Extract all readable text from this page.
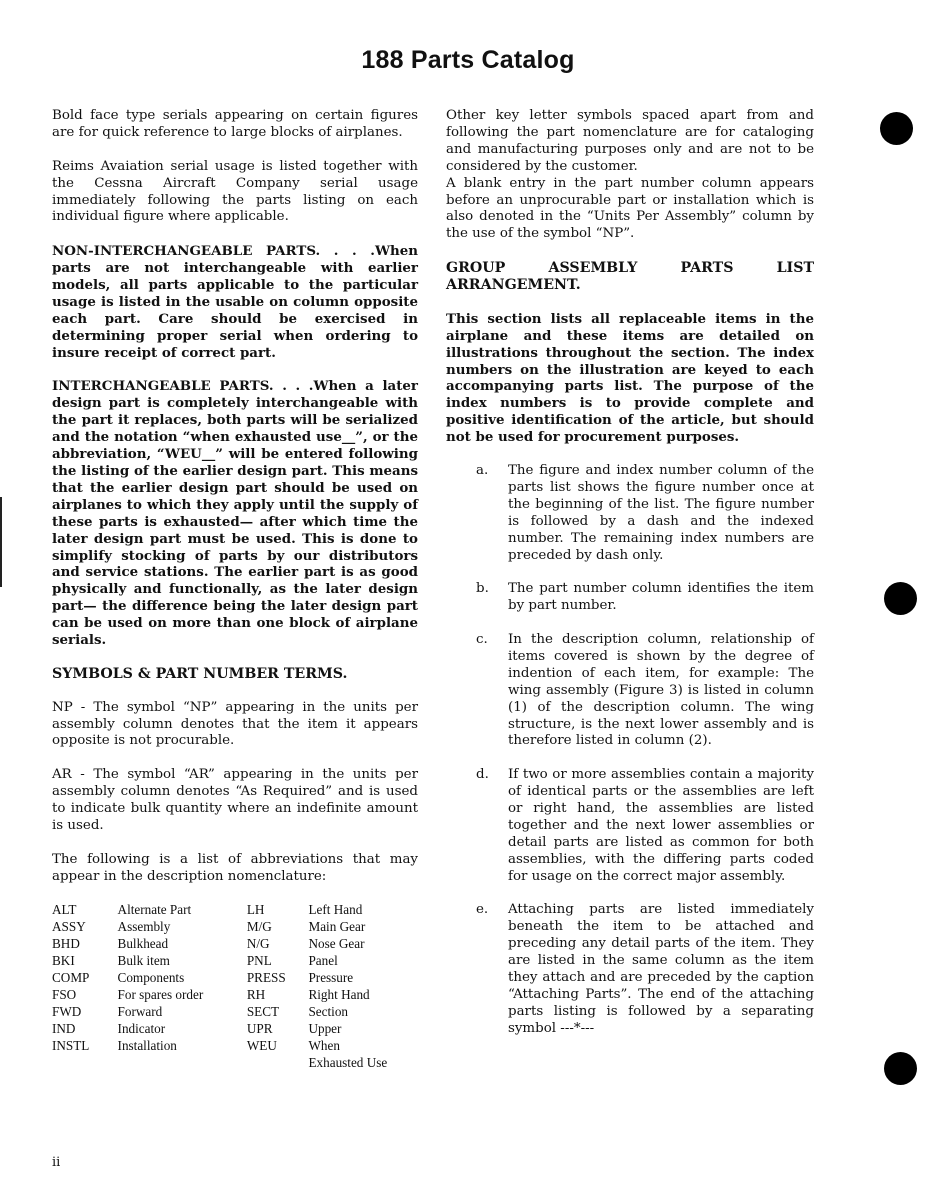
188 Parts Catalog

Bold face type serials appearing on certain figures are for quick reference to large blocks of airplanes.

Reims Avaiation serial usage is listed together with the Cessna Aircraft Company serial usage immediately following the parts listing on each individual figure where applicable.

NON-INTERCHANGEABLE PARTS. . . .When parts are not interchangeable with earlier models, all parts applicable to the particular usage is listed in the usable on column opposite each part. Care should be exercised in determining proper serial when ordering to insure receipt of correct part.

INTERCHANGEABLE PARTS. . . .When a later design part is completely interchangeable with the part it replaces, both parts will be serialized and the notation “when exhausted use__”, or the abbreviation, “WEU__” will be entered following the listing of the earlier design part. This means that the earlier design part should be used on airplanes to which they apply until the supply of these parts is exhausted— after which time the later design part must be used. This is done to simplify stocking of parts by our distributors and service stations. The earlier part is as good physically and functionally, as the later design part— the difference being the later design part can be used on more than one block of airplane serials.

SYMBOLS & PART NUMBER TERMS.

NP - The symbol “NP” appearing in the units per assembly column denotes that the item it appears opposite is not procurable.

AR - The symbol “AR” appearing in the units per assembly column denotes “As Required” and is used to indicate bulk quantity where an indefinite amount is used.

The following is a list of abbreviations that may appear in the description nomenclature:

ALT	Alternate Part	LH	Left Hand
ASSY	Assembly	M/G	Main Gear
BHD	Bulkhead	N/G	Nose Gear
BKI	Bulk item	PNL	Panel
COMP	Components	PRESS	Pressure
FSO	For spares order	RH	Right Hand
FWD	Forward	SECT	Section
IND	Indicator	UPR	Upper
INSTL	Installation	WEU	When
			Exhausted Use

Other key letter symbols spaced apart from and following the part nomenclature are for cataloging and manufacturing purposes only and are not to be considered by the customer.

A blank entry in the part number column appears before an unprocurable part or installation which is also denoted in the “Units Per Assembly” column by the use of the symbol “NP”.

GROUP ASSEMBLY PARTS LIST ARRANGEMENT.

This section lists all replaceable items in the airplane and these items are detailed on illustrations throughout the section. The index numbers on the illustration are keyed to each accompanying parts list. The purpose of the index numbers is to provide complete and positive identification of the article, but should not be used for procurement purposes.

a. The figure and index number column of the parts list shows the figure number once at the beginning of the list. The figure number is followed by a dash and the indexed number. The remaining index numbers are preceded by dash only.
b. The part number column identifies the item by part number.
c. In the description column, relationship of items covered is shown by the degree of indention of each item, for example: The wing assembly (Figure 3) is listed in column (1) of the description column. The wing structure, is the next lower assembly and is therefore listed in column (2).
d. If two or more assemblies contain a majority of identical parts or the assemblies are left or right hand, the assemblies are listed together and the next lower assemblies or detail parts are listed as common for both assemblies, with the differing parts coded for usage on the correct major assembly.
e. Attaching parts are listed immediately beneath the item to be attached and preceding any detail parts of the item. They are listed in the same column as the item they attach and are preceded by the caption “Attaching Parts”. The end of the attaching parts listing is followed by a separating symbol ---*---
ii
